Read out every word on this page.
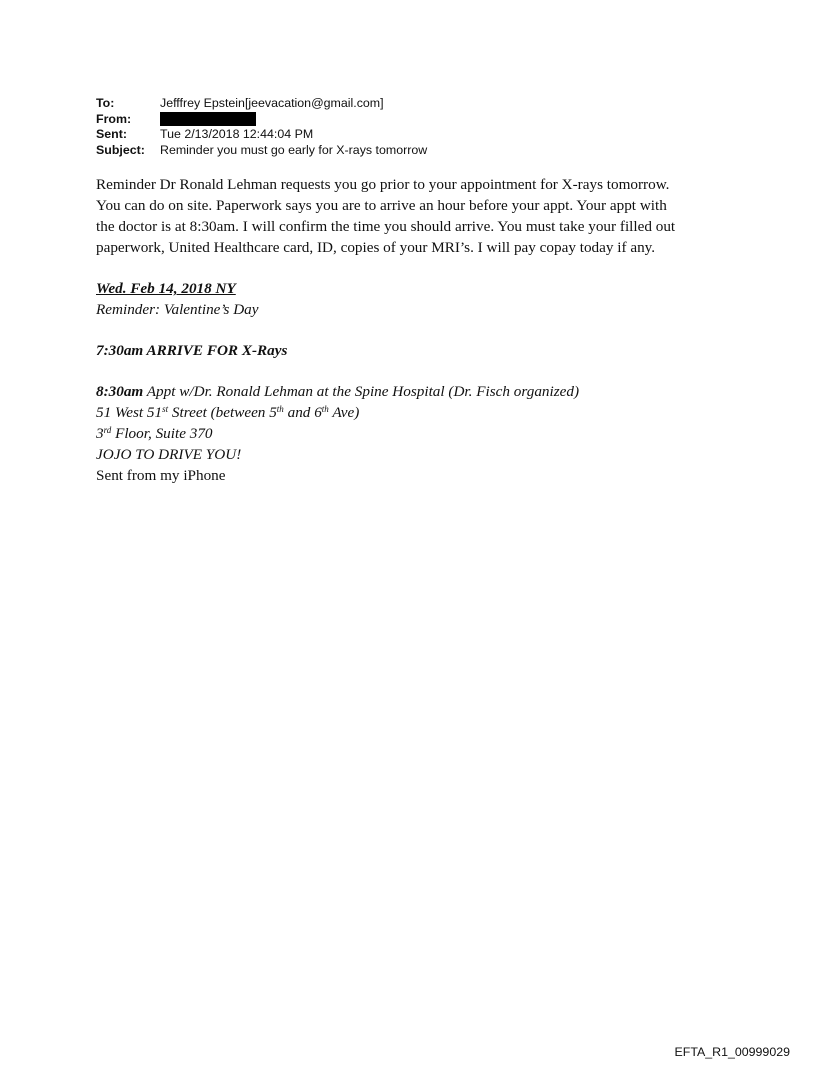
To:	Jefffrey Epstein[jeevacation@gmail.com]
From:
Sent:	Tue 2/13/2018 12:44:04 PM
Subject:	Reminder you must go early for X-rays tomorrow

Reminder Dr Ronald Lehman requests you go prior to your appointment for X-rays tomorrow.
You can do on site. Paperwork says you are to arrive an hour before your appt. Your appt with
the doctor is at 8:30am. I will confirm the time you should arrive. You must take your filled out
paperwork, United Healthcare card, ID, copies of your MRI’s. I will pay copay today if any.

Wed. Feb 14, 2018 NY

Reminder: Valentine’s Day

7:30am ARRIVE FOR X-Rays

8:30am Appt w/Dr. Ronald Lehman at the Spine Hospital (Dr. Fisch organized)

51 West 51st Street (between 5th and 6th Ave)

3rd Floor, Suite 370

JOJO TO DRIVE YOU!

Sent from my iPhone

EFTA_R1_00999029
